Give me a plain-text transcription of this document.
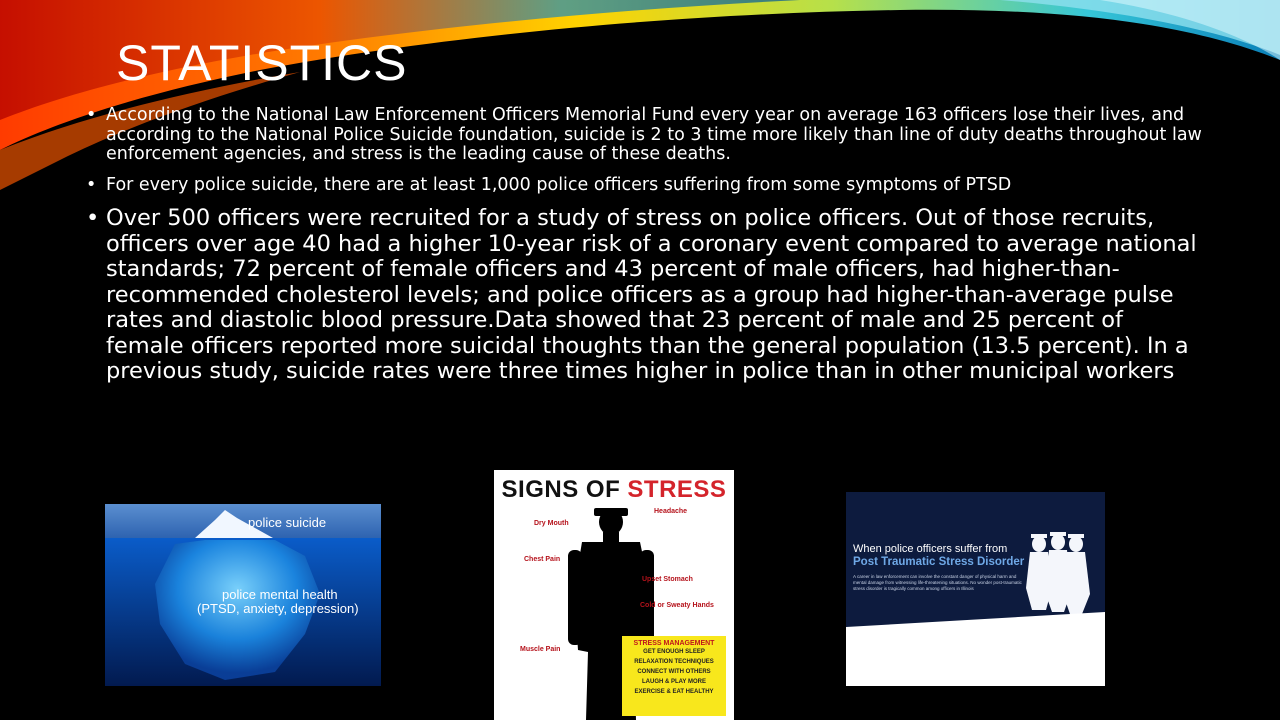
STATISTICS
• According to the National Law Enforcement Officers Memorial Fund every year on average 163 officers lose their lives, and according to the National Police Suicide foundation, suicide is 2 to 3 time more likely than line of duty deaths throughout law enforcement agencies, and stress is the leading cause of these deaths.
• For every police suicide, there are at least 1,000 police officers suffering from some symptoms of PTSD
• Over 500 officers were recruited for a study of stress on police officers. Out of those recruits, officers over age 40 had a higher 10-year risk of a coronary event compared to average national standards; 72 percent of female officers and 43 percent of male officers, had higher-than-recommended cholesterol levels; and police officers as a group had higher-than-average pulse rates and diastolic blood pressure.Data showed that 23 percent of male and 25 percent of female officers reported more suicidal thoughts than the general population (13.5 percent). In a previous study, suicide rates were three times higher in police than in other municipal workers
police suicide
police mental health
(PTSD, anxiety, depression)
SIGNS OF STRESS
Dry Mouth
Headache
Chest Pain
Upset Stomach
Cold or Sweaty Hands
Muscle Pain
STRESS MANAGEMENT
GET ENOUGH SLEEP
RELAXATION TECHNIQUES
CONNECT WITH OTHERS
LAUGH & PLAY MORE
EXERCISE & EAT HEALTHY
When police officers suffer from
Post Traumatic Stress Disorder
A career in law enforcement can involve the constant danger of physical harm and mental damage from witnessing life-threatening situations. No wonder post-traumatic stress disorder is tragically common among officers in Illinois
